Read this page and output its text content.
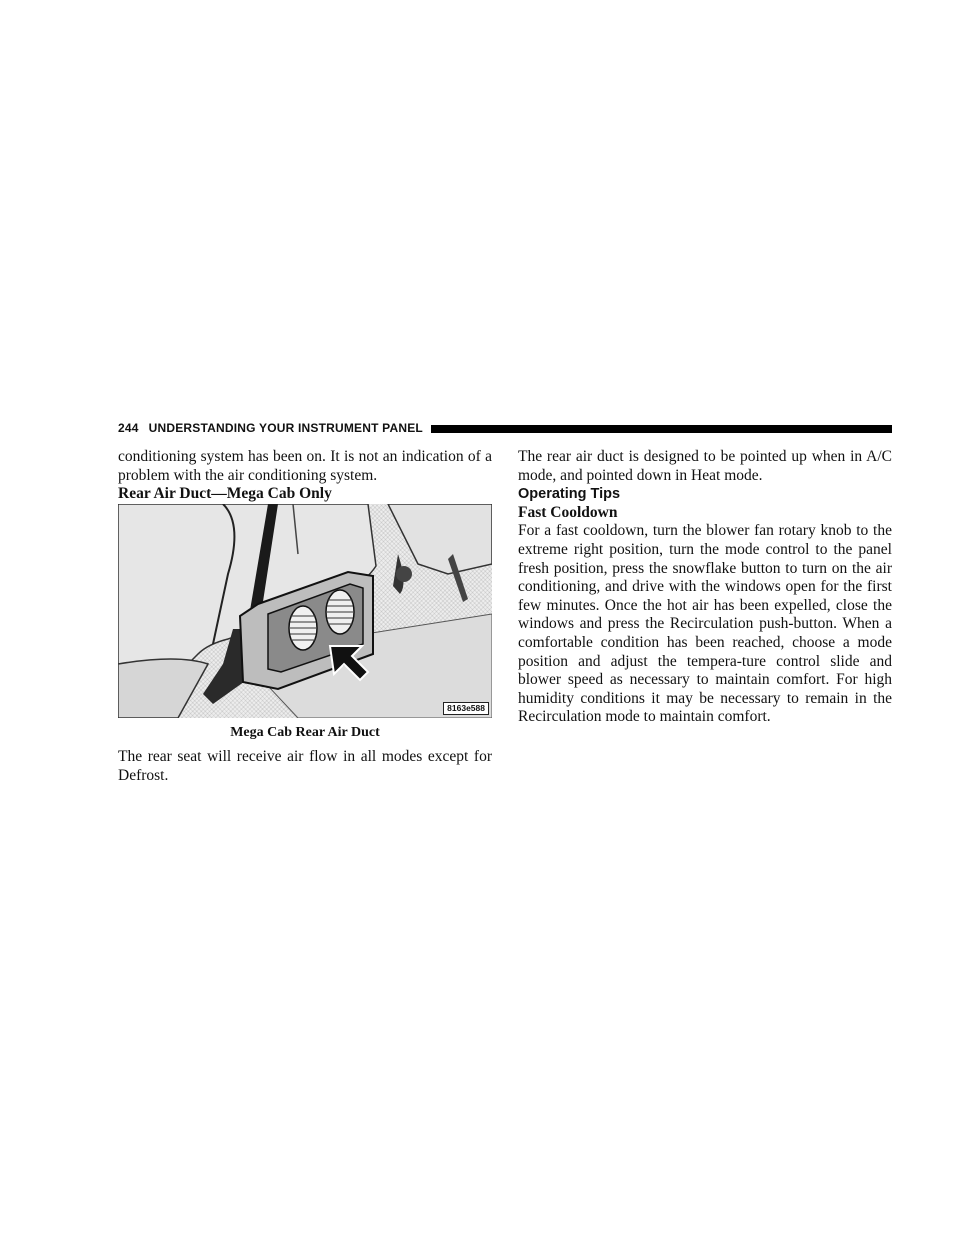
244 UNDERSTANDING YOUR INSTRUMENT PANEL

conditioning system has been on. It is not an indication of a problem with the air conditioning system.

Rear Air Duct—Mega Cab Only

8163e588

Mega Cab Rear Air Duct

The rear seat will receive air flow in all modes except for Defrost.

The rear air duct is designed to be pointed up when in A/C mode, and pointed down in Heat mode.

Operating Tips

Fast Cooldown

For a fast cooldown, turn the blower fan rotary knob to the extreme right position, turn the mode control to the panel fresh position, press the snowflake button to turn on the air conditioning, and drive with the windows open for the first few minutes. Once the hot air has been expelled, close the windows and press the Recirculation push-button. When a comfortable condition has been reached, choose a mode position and adjust the tempera-ture control slide and blower speed as necessary to maintain comfort. For high humidity conditions it may be necessary to remain in the Recirculation mode to maintain comfort.
